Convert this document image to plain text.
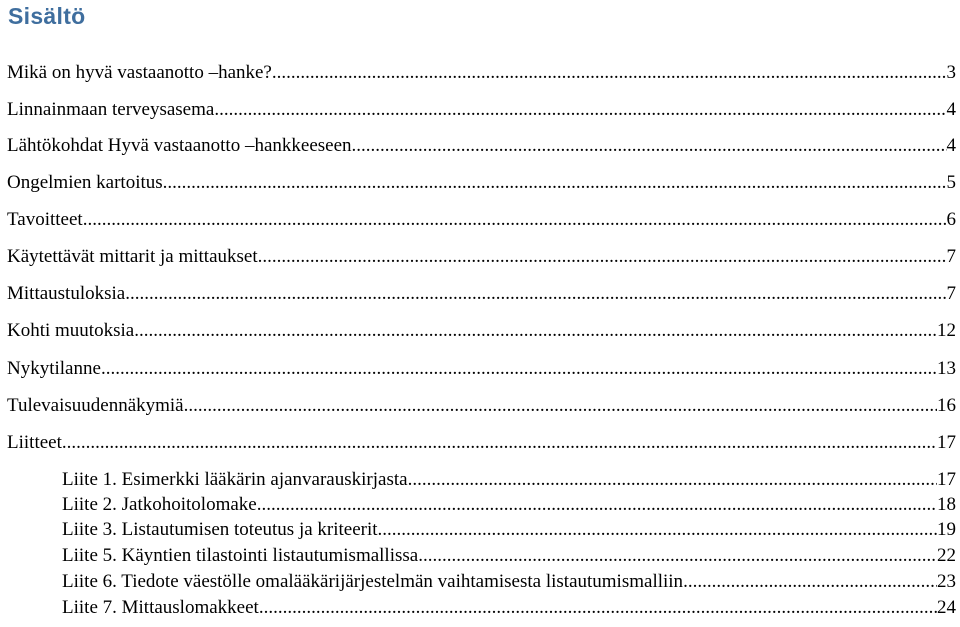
Sisältö
Mikä on hyvä vastaanotto –hanke? .....	3
Linnainmaan terveysasema .....	4
Lähtökohdat Hyvä vastaanotto –hankkeeseen .....	4
Ongelmien kartoitus .....	5
Tavoitteet .....	6
Käytettävät mittarit ja mittaukset .....	7
Mittaustuloksia .....	7
Kohti muutoksia .....	12
Nykytilanne .....	13
Tulevaisuudennäkymiä .....	16
Liitteet .....	17
Liite 1. Esimerkki lääkärin ajanvarauskirjasta .....	17
Liite 2. Jatkohoitolomake .....	18
Liite 3. Listautumisen toteutus ja kriteerit .....	19
Liite 5. Käyntien tilastointi listautumismallissa .....	22
Liite 6. Tiedote väestölle omalääkärijärjestelmän vaihtamisesta listautumismalliin .....	23
Liite 7. Mittauslomakkeet .....	24
